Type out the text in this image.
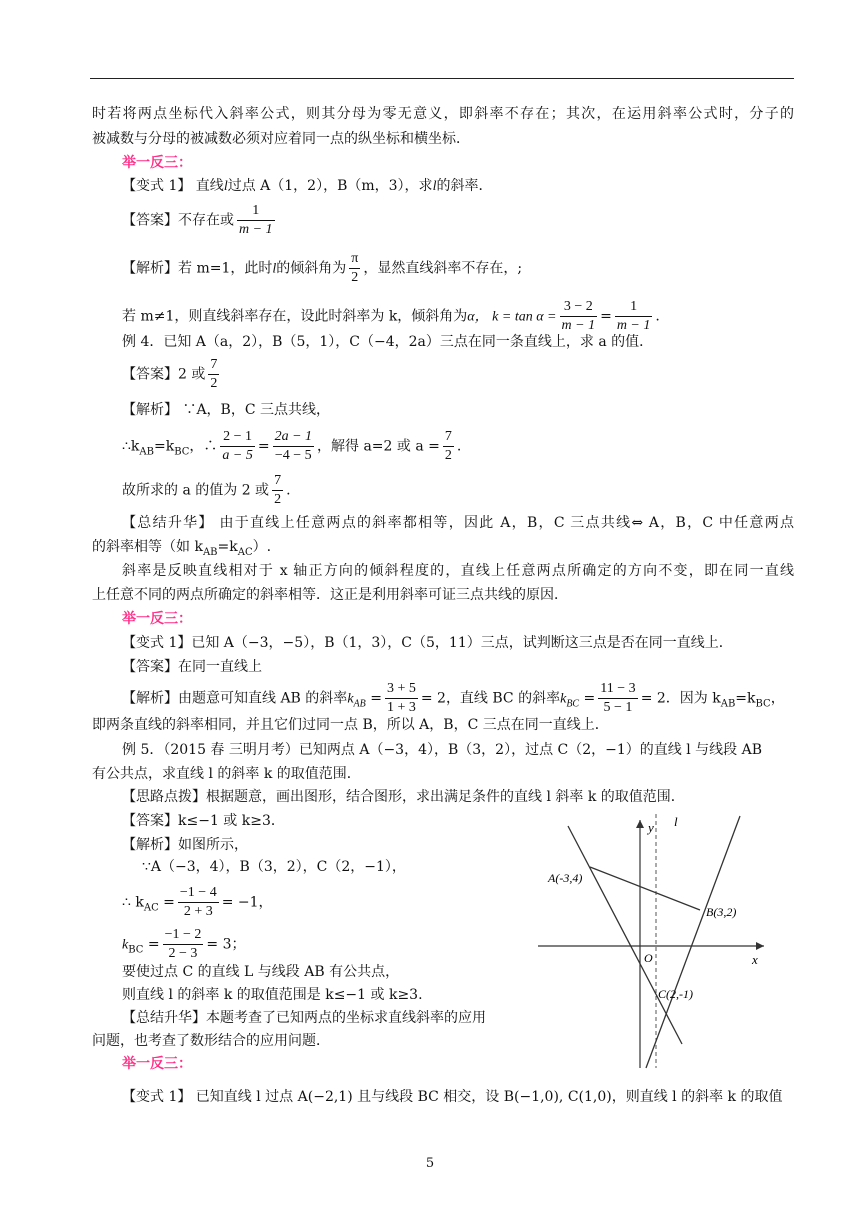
时若将两点坐标代入斜率公式，则其分母为零无意义，即斜率不存在；其次，在运用斜率公式时，分子的
被减数与分母的被减数必须对应着同一点的纵坐标和横坐标．
举一反三：
【变式 1】 直线l过点 A（1，2），B（m，3），求l的斜率．
【答案】不存在或 $\frac{1}{m - 1}$
【解析】若 m=1，此时l的倾斜角为 $\frac{\pi}{2}$ ，显然直线斜率不存在，;
若 m≠1，则直线斜率存在，设此时斜率为 k，倾斜角为α， $k = \tan \alpha = \frac{3 - 2}{m - 1} = \frac{1}{m - 1}$ .
例 4．已知 A（a，2），B（5，1），C（−4，2a）三点在同一条直线上，求 a 的值．
【答案】2 或 $\frac{7}{2}$
【解析】 ∵A，B，C 三点共线，
$\therefore k_{AB}=k_{BC}$，∴ $\frac{2 - 1}{a - 5} = \frac{2a - 1}{-4 - 5}$ ，解得 a=2 或 $a = \frac{7}{2}$ .
故所求的 a 的值为 2 或 $\frac{7}{2}$ .
【总结升华】 由于直线上任意两点的斜率都相等，因此 A，B，C 三点共线⇔ A，B，C 中任意两点
的斜率相等（如 $k_{AB}=k_{AC}$）.
斜率是反映直线相对于 x 轴正方向的倾斜程度的，直线上任意两点所确定的方向不变，即在同一直线
上任意不同的两点所确定的斜率相等．这正是利用斜率可证三点共线的原因．
举一反三：
【变式 1】已知 A（−3，−5），B（1，3），C（5，11）三点，试判断这三点是否在同一直线上．
【答案】在同一直线上
【解析】由题意可知直线 AB 的斜率$k_{AB} = \frac{3 + 5}{1 + 3} = 2$，直线 BC 的斜率$k_{BC} = \frac{11 - 3}{5 - 1} = 2$．因为 $k_{AB}=k_{BC}$，
即两条直线的斜率相同，并且它们过同一点 B，所以 A，B，C 三点在同一直线上．
例 5．（2015 春 三明月考）已知两点 A（−3，4），B（3，2），过点 C（2，−1）的直线 l 与线段 AB
有公共点，求直线 l 的斜率 k 的取值范围．
【思路点拨】根据题意，画出图形，结合图形，求出满足条件的直线 l 斜率 k 的取值范围．
【答案】k≤−1 或 k≥3．
【解析】如图所示，
∵A（−3，4），B（3，2），C（2，−1），
∴ $k_{AC} = \frac{-1 - 4}{2 + 3} = -1$，
$k_{BC} = \frac{-1 - 2}{2 - 3} = 3$；
要使过点 C 的直线 L 与线段 AB 有公共点，
则直线 l 的斜率 k 的取值范围是 k≤−1 或 k≥3.
【总结升华】本题考查了已知两点的坐标求直线斜率的应用
问题，也考查了数形结合的应用问题．
举一反三：
【变式 1】 已知直线 l 过点 A(−2,1) 且与线段 BC 相交，设 B(−1,0), C(1,0)，则直线 l 的斜率 k 的取值
A(-3,4)
B(3,2)
C(2,-1)
O	x
y l
5
